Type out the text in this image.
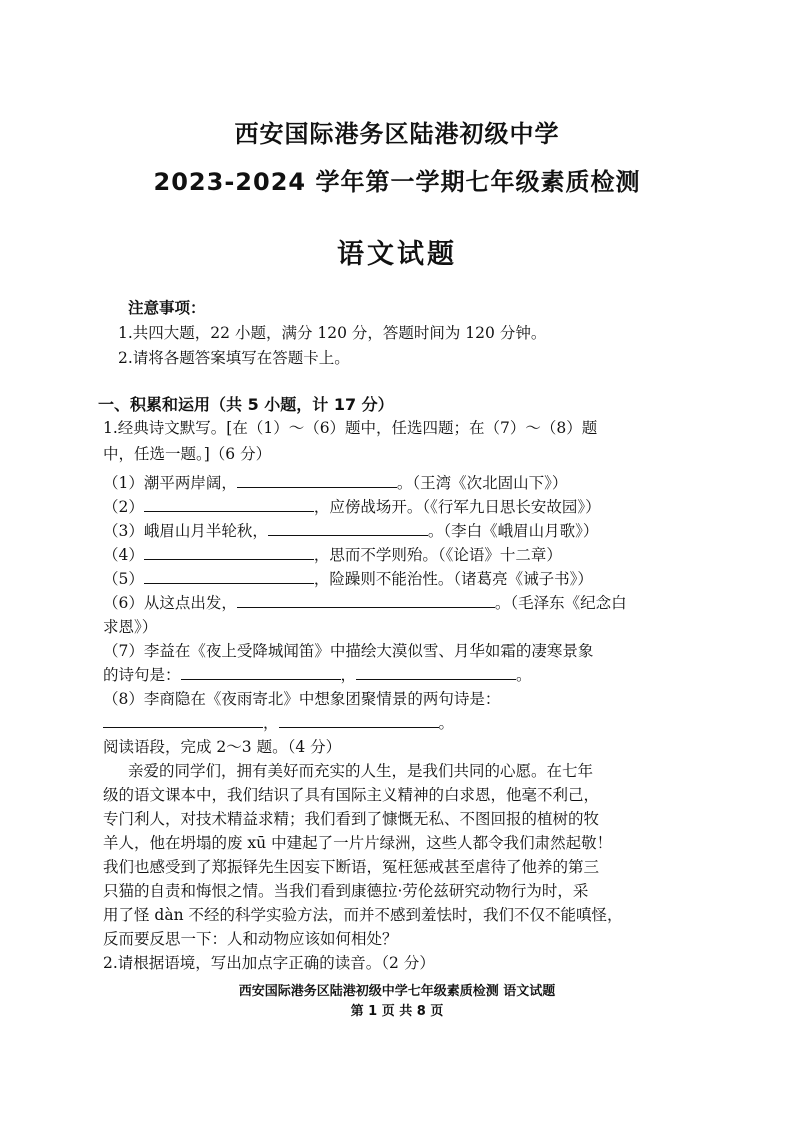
西安国际港务区陆港初级中学
2023-2024 学年第一学期七年级素质检测
语文试题
注意事项：
1.共四大题，22 小题，满分 120 分，答题时间为 120 分钟。
2.请将各题答案填写在答题卡上。
一、积累和运用（共 5 小题，计 17 分）
1.经典诗文默写。[在（1）～（6）题中，任选四题；在（7）～（8）题
中，任选一题。]（6 分）
（1）潮平两岸阔，	。（王湾《次北固山下》）
（2）	，应傍战场开。（《行军九日思长安故园》）
（3）峨眉山月半轮秋，	。（李白《峨眉山月歌》）
（4）	，思而不学则殆。（《论语》十二章）
（5）	，险躁则不能治性。（诸葛亮《诫子书》）
（6）从这点出发，	。（毛泽东《纪念白
求恩》）
（7）李益在《夜上受降城闻笛》中描绘大漠似雪、月华如霜的凄寒景象
的诗句是：	，	。
（8）李商隐在《夜雨寄北》中想象团聚情景的两句诗是：
，	。
阅读语段，完成 2～3 题。（4 分）
亲爱的同学们，拥有美好而充实的人生，是我们共同的心愿。在七年
级的语文课本中，我们结识了具有国际主义精神的白求恩，他毫不利己，
专门利人，对技术精益求精；我们看到了慷慨无私、不图回报的植树的牧
羊人，他在坍塌的废 xū 中建起了一片片绿洲，这些人都令我们肃然起敬！
我们也感受到了郑振铎先生因妄下断语，冤枉惩戒甚至虐待了他养的第三
只猫的自责和悔恨之情。当我们看到康德拉·劳伦兹研究动物行为时，采
用了怪 dàn 不经的科学实验方法，而并不感到羞怯时，我们不仅不能嗔怪，
反而要反思一下：人和动物应该如何相处？
2.请根据语境，写出加点字正确的读音。（2 分）
西安国际港务区陆港初级中学七年级素质检测 语文试题
第 1 页 共 8 页
